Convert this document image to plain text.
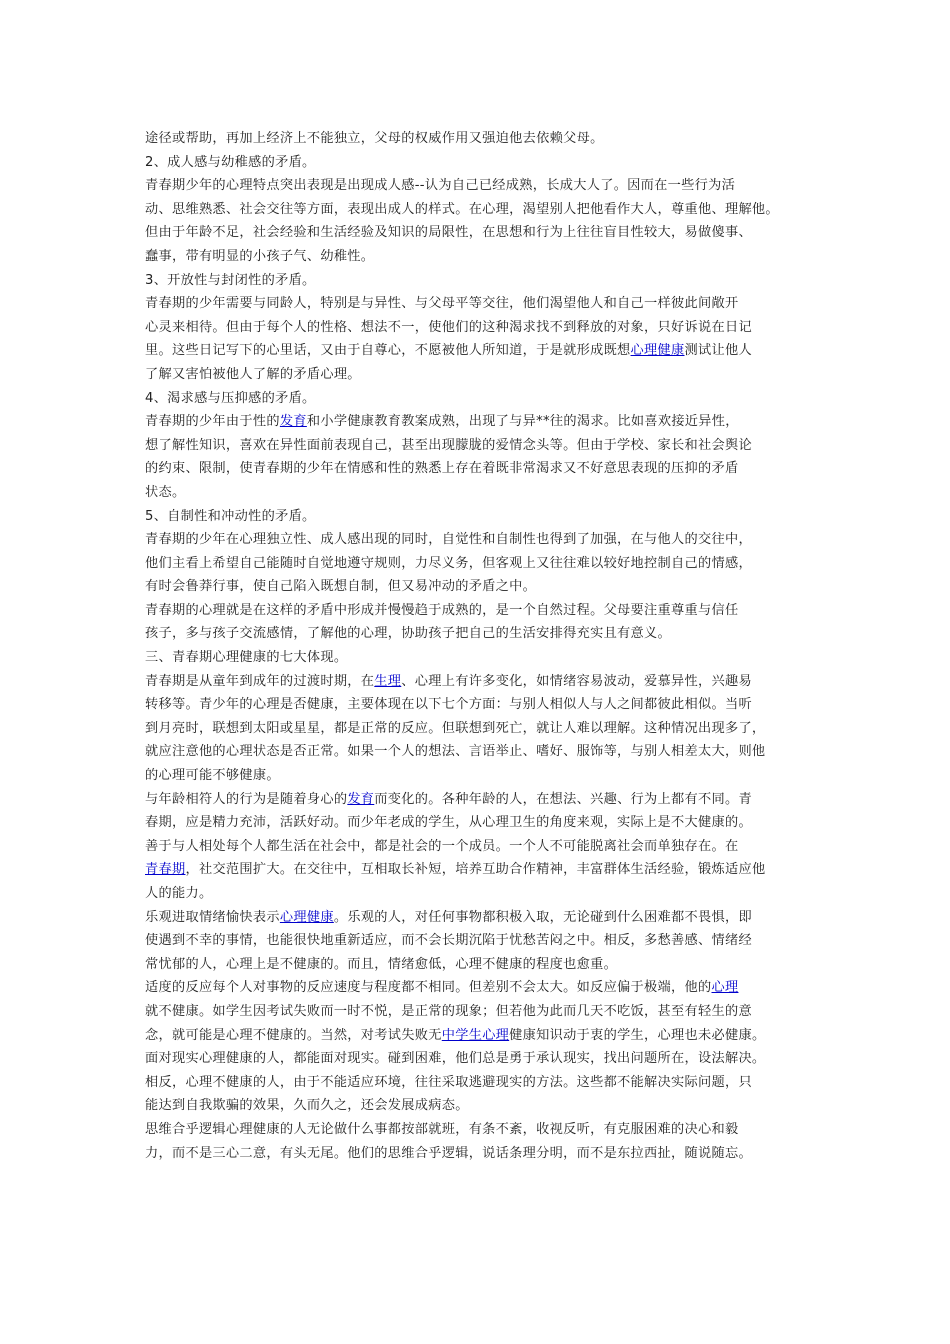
途径或帮助，再加上经济上不能独立，父母的权威作用又强迫他去依赖父母。
2、成人感与幼稚感的矛盾。
青春期少年的心理特点突出表现是出现成人感--认为自己已经成熟，长成大人了。因而在一些行为活
动、思维熟悉、社会交往等方面，表现出成人的样式。在心理，渴望别人把他看作大人，尊重他、理解他。
但由于年龄不足，社会经验和生活经验及知识的局限性，在思想和行为上往往盲目性较大，易做傻事、
蠢事，带有明显的小孩子气、幼稚性。
3、开放性与封闭性的矛盾。
青春期的少年需要与同龄人，特别是与异性、与父母平等交往，他们渴望他人和自己一样彼此间敞开
心灵来相待。但由于每个人的性格、想法不一，使他们的这种渴求找不到释放的对象，只好诉说在日记
里。这些日记写下的心里话，又由于自尊心，不愿被他人所知道，于是就形成既想心理健康测试让他人
了解又害怕被他人了解的矛盾心理。
4、渴求感与压抑感的矛盾。
青春期的少年由于性的发育和小学健康教育教案成熟，出现了与异**往的渴求。比如喜欢接近异性，
想了解性知识，喜欢在异性面前表现自己，甚至出现朦胧的爱情念头等。但由于学校、家长和社会舆论
的约束、限制，使青春期的少年在情感和性的熟悉上存在着既非常渴求又不好意思表现的压抑的矛盾
状态。
5、自制性和冲动性的矛盾。
青春期的少年在心理独立性、成人感出现的同时，自觉性和自制性也得到了加强，在与他人的交往中，
他们主看上希望自己能随时自觉地遵守规则，力尽义务，但客观上又往往难以较好地控制自己的情感，
有时会鲁莽行事，使自己陷入既想自制，但又易冲动的矛盾之中。
青春期的心理就是在这样的矛盾中形成并慢慢趋于成熟的，是一个自然过程。父母要注重尊重与信任
孩子，多与孩子交流感情，了解他的心理，协助孩子把自己的生活安排得充实且有意义。
三、青春期心理健康的七大体现。
青春期是从童年到成年的过渡时期，在生理、心理上有许多变化，如情绪容易波动，爱慕异性，兴趣易
转移等。青少年的心理是否健康，主要体现在以下七个方面：与别人相似人与人之间都彼此相似。当听
到月亮时，联想到太阳或星星，都是正常的反应。但联想到死亡，就让人难以理解。这种情况出现多了，
就应注意他的心理状态是否正常。如果一个人的想法、言语举止、嗜好、服饰等，与别人相差太大，则他
的心理可能不够健康。
与年龄相符人的行为是随着身心的发育而变化的。各种年龄的人，在想法、兴趣、行为上都有不同。青
春期，应是精力充沛，活跃好动。而少年老成的学生，从心理卫生的角度来观，实际上是不大健康的。
善于与人相处每个人都生活在社会中，都是社会的一个成员。一个人不可能脱离社会而单独存在。在
青春期，社交范围扩大。在交往中，互相取长补短，培养互助合作精神，丰富群体生活经验，锻炼适应他
人的能力。
乐观进取情绪愉快表示心理健康。乐观的人，对任何事物都积极入取，无论碰到什么困难都不畏惧，即
使遇到不幸的事情，也能很快地重新适应，而不会长期沉陷于忧愁苦闷之中。相反，多愁善感、情绪经
常忧郁的人，心理上是不健康的。而且，情绪愈低，心理不健康的程度也愈重。
适度的反应每个人对事物的反应速度与程度都不相同。但差别不会太大。如反应偏于极端，他的心理
就不健康。如学生因考试失败而一时不悦，是正常的现象；但若他为此而几天不吃饭，甚至有轻生的意
念，就可能是心理不健康的。当然，对考试失败无中学生心理健康知识动于衷的学生，心理也未必健康。
面对现实心理健康的人，都能面对现实。碰到困难，他们总是勇于承认现实，找出问题所在，设法解决。
相反，心理不健康的人，由于不能适应环境，往往采取逃避现实的方法。这些都不能解决实际问题，只
能达到自我欺骗的效果，久而久之，还会发展成病态。
思维合乎逻辑心理健康的人无论做什么事都按部就班，有条不紊，收视反听，有克服困难的决心和毅
力，而不是三心二意，有头无尾。他们的思维合乎逻辑，说话条理分明，而不是东拉西扯，随说随忘。
